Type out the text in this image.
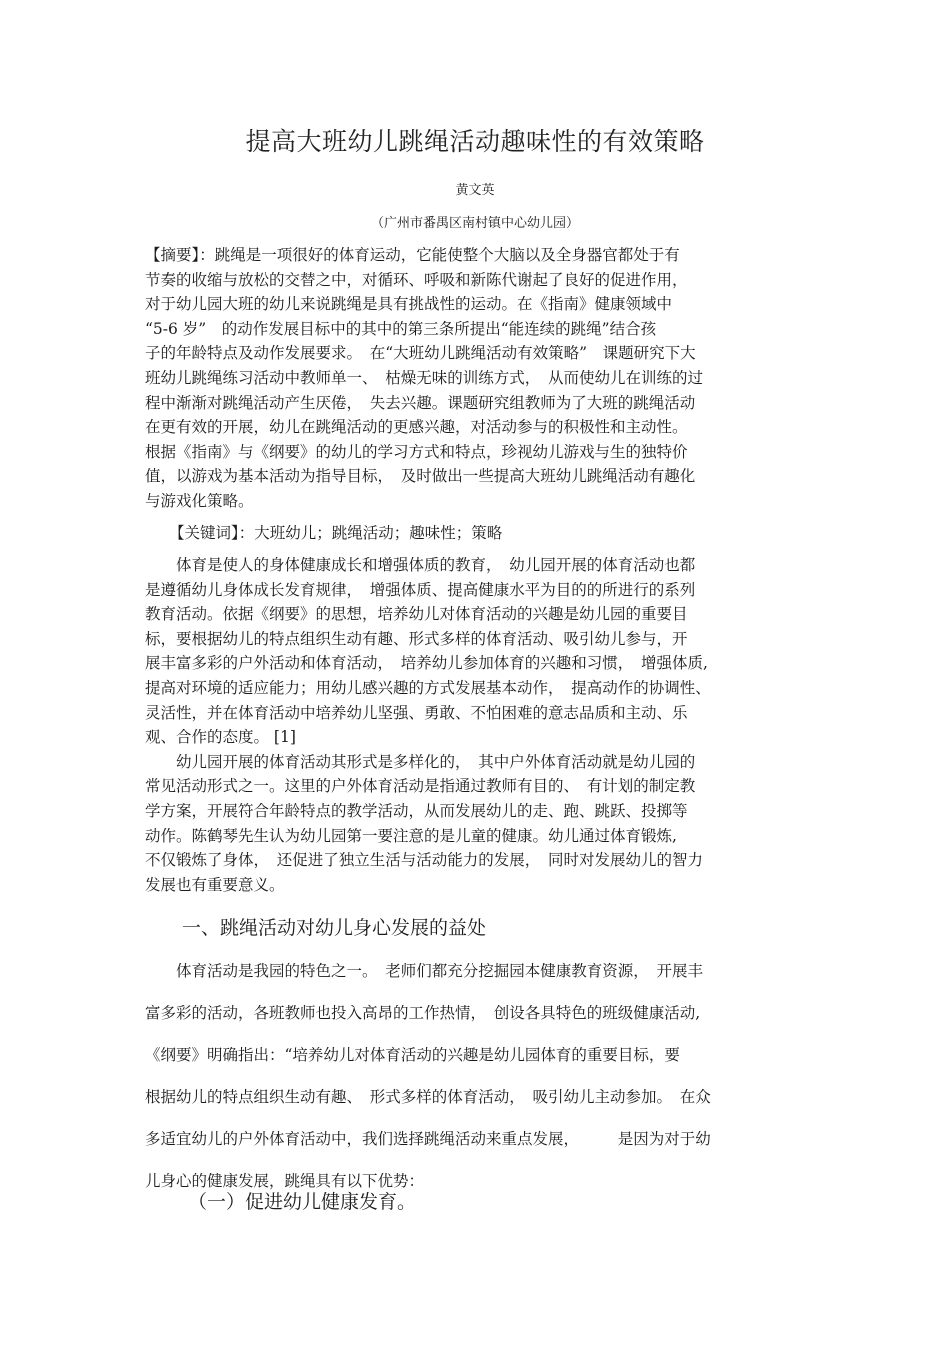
提高大班幼儿跳绳活动趣味性的有效策略
黄文英
（广州市番禺区南村镇中心幼儿园）
【摘要】：跳绳是一项很好的体育运动，它能使整个大脑以及全身器官都处于有
节奏的收缩与放松的交替之中，对循环、呼吸和新陈代谢起了良好的促进作用，
对于幼儿园大班的幼儿来说跳绳是具有挑战性的运动。在《指南》健康领域中
“5-6 岁”　的动作发展目标中的其中的第三条所提出“能连续的跳绳”结合孩
子的年龄特点及动作发展要求。　在“大班幼儿跳绳活动有效策略”　课题研究下大
班幼儿跳绳练习活动中教师单一、　枯燥无味的训练方式，　从而使幼儿在训练的过
程中渐渐对跳绳活动产生厌倦，　失去兴趣。课题研究组教师为了大班的跳绳活动
在更有效的开展，幼儿在跳绳活动的更感兴趣，对活动参与的积极性和主动性。
根据《指南》与《纲要》的幼儿的学习方式和特点，珍视幼儿游戏与生的独特价
值，以游戏为基本活动为指导目标，　及时做出一些提高大班幼儿跳绳活动有趣化
与游戏化策略。
【关键词】：大班幼儿；跳绳活动；趣味性；策略
　　体育是使人的身体健康成长和增强体质的教育，　幼儿园开展的体育活动也都
是遵循幼儿身体成长发育规律，　增强体质、提高健康水平为目的的所进行的系列
教育活动。依据《纲要》的思想，培养幼儿对体育活动的兴趣是幼儿园的重要目
标，要根据幼儿的特点组织生动有趣、形式多样的体育活动、吸引幼儿参与，开
展丰富多彩的户外活动和体育活动，　培养幼儿参加体育的兴趣和习惯，　增强体质,
提高对环境的适应能力；用幼儿感兴趣的方式发展基本动作，　提高动作的协调性、
灵活性，并在体育活动中培养幼儿坚强、勇敢、不怕困难的意志品质和主动、乐
观、合作的态度。 [1]
　　幼儿园开展的体育活动其形式是多样化的，　其中户外体育活动就是幼儿园的
常见活动形式之一。这里的户外体育活动是指通过教师有目的、　有计划的制定教
学方案，开展符合年龄特点的教学活动，从而发展幼儿的走、跑、跳跃、投掷等
动作。陈鹤琴先生认为幼儿园第一要注意的是儿童的健康。幼儿通过体育锻炼,
不仅锻炼了身体，　还促进了独立生活与活动能力的发展，　同时对发展幼儿的智力
发展也有重要意义。
一、跳绳活动对幼儿身心发展的益处
　　体育活动是我园的特色之一。　老师们都充分挖掘园本健康教育资源，　开展丰
富多彩的活动，各班教师也投入高昂的工作热情，　创设各具特色的班级健康活动,
《纲要》明确指出：“培养幼儿对体育活动的兴趣是幼儿园体育的重要目标，要
根据幼儿的特点组织生动有趣、　形式多样的体育活动，　吸引幼儿主动参加。　在众
多适宜幼儿的户外体育活动中，我们选择跳绳活动来重点发展，　　　是因为对于幼
儿身心的健康发展，跳绳具有以下优势：
（一）促进幼儿健康发育。
